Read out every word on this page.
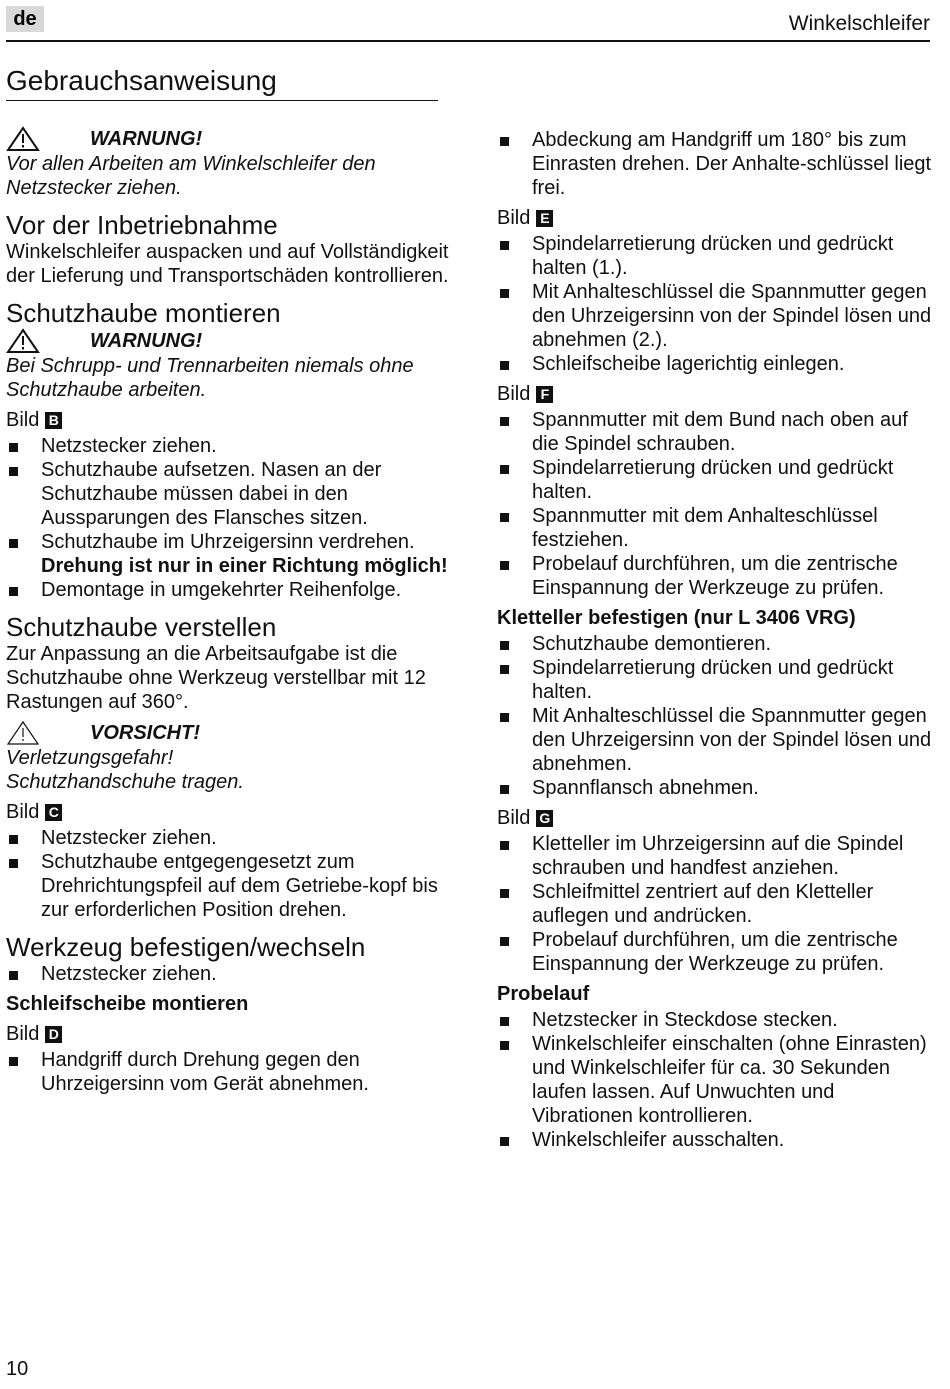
de	Winkelschleifer
Gebrauchsanweisung
WARNUNG!
Vor allen Arbeiten am Winkelschleifer den Netzstecker ziehen.
Vor der Inbetriebnahme
Winkelschleifer auspacken und auf Vollständigkeit der Lieferung und Transportschäden kontrollieren.
Schutzhaube montieren
WARNUNG!
Bei Schrupp- und Trennarbeiten niemals ohne Schutzhaube arbeiten.
Bild B
Netzstecker ziehen.
Schutzhaube aufsetzen. Nasen an der Schutzhaube müssen dabei in den Aussparungen des Flansches sitzen.
Schutzhaube im Uhrzeigersinn verdrehen.
Drehung ist nur in einer Richtung möglich!
Demontage in umgekehrter Reihenfolge.
Schutzhaube verstellen
Zur Anpassung an die Arbeitsaufgabe ist die Schutzhaube ohne Werkzeug verstellbar mit 12 Rastungen auf 360°.
VORSICHT!
Verletzungsgefahr!
Schutzhandschuhe tragen.
Bild C
Netzstecker ziehen.
Schutzhaube entgegengesetzt zum Drehrichtungspfeil auf dem Getriebe-kopf bis zur erforderlichen Position drehen.
Werkzeug befestigen/wechseln
Netzstecker ziehen.
Schleifscheibe montieren
Bild D
Handgriff durch Drehung gegen den Uhrzeigersinn vom Gerät abnehmen.
Abdeckung am Handgriff um 180° bis zum Einrasten drehen. Der Anhalte-schlüssel liegt frei.
Bild E
Spindelarretierung drücken und gedrückt halten (1.).
Mit Anhalteschlüssel die Spannmutter gegen den Uhrzeigersinn von der Spindel lösen und abnehmen (2.).
Schleifscheibe lagerichtig einlegen.
Bild F
Spannmutter mit dem Bund nach oben auf die Spindel schrauben.
Spindelarretierung drücken und gedrückt halten.
Spannmutter mit dem Anhalteschlüssel festziehen.
Probelauf durchführen, um die zentrische Einspannung der Werkzeuge zu prüfen.
Kletteller befestigen (nur L 3406 VRG)
Schutzhaube demontieren.
Spindelarretierung drücken und gedrückt halten.
Mit Anhalteschlüssel die Spannmutter gegen den Uhrzeigersinn von der Spindel lösen und abnehmen.
Spannflansch abnehmen.
Bild G
Kletteller im Uhrzeigersinn auf die Spindel schrauben und handfest anziehen.
Schleifmittel zentriert auf den Kletteller auflegen und andrücken.
Probelauf durchführen, um die zentrische Einspannung der Werkzeuge zu prüfen.
Probelauf
Netzstecker in Steckdose stecken.
Winkelschleifer einschalten (ohne Einrasten) und Winkelschleifer für ca. 30 Sekunden laufen lassen. Auf Unwuchten und Vibrationen kontrollieren.
Winkelschleifer ausschalten.
10
